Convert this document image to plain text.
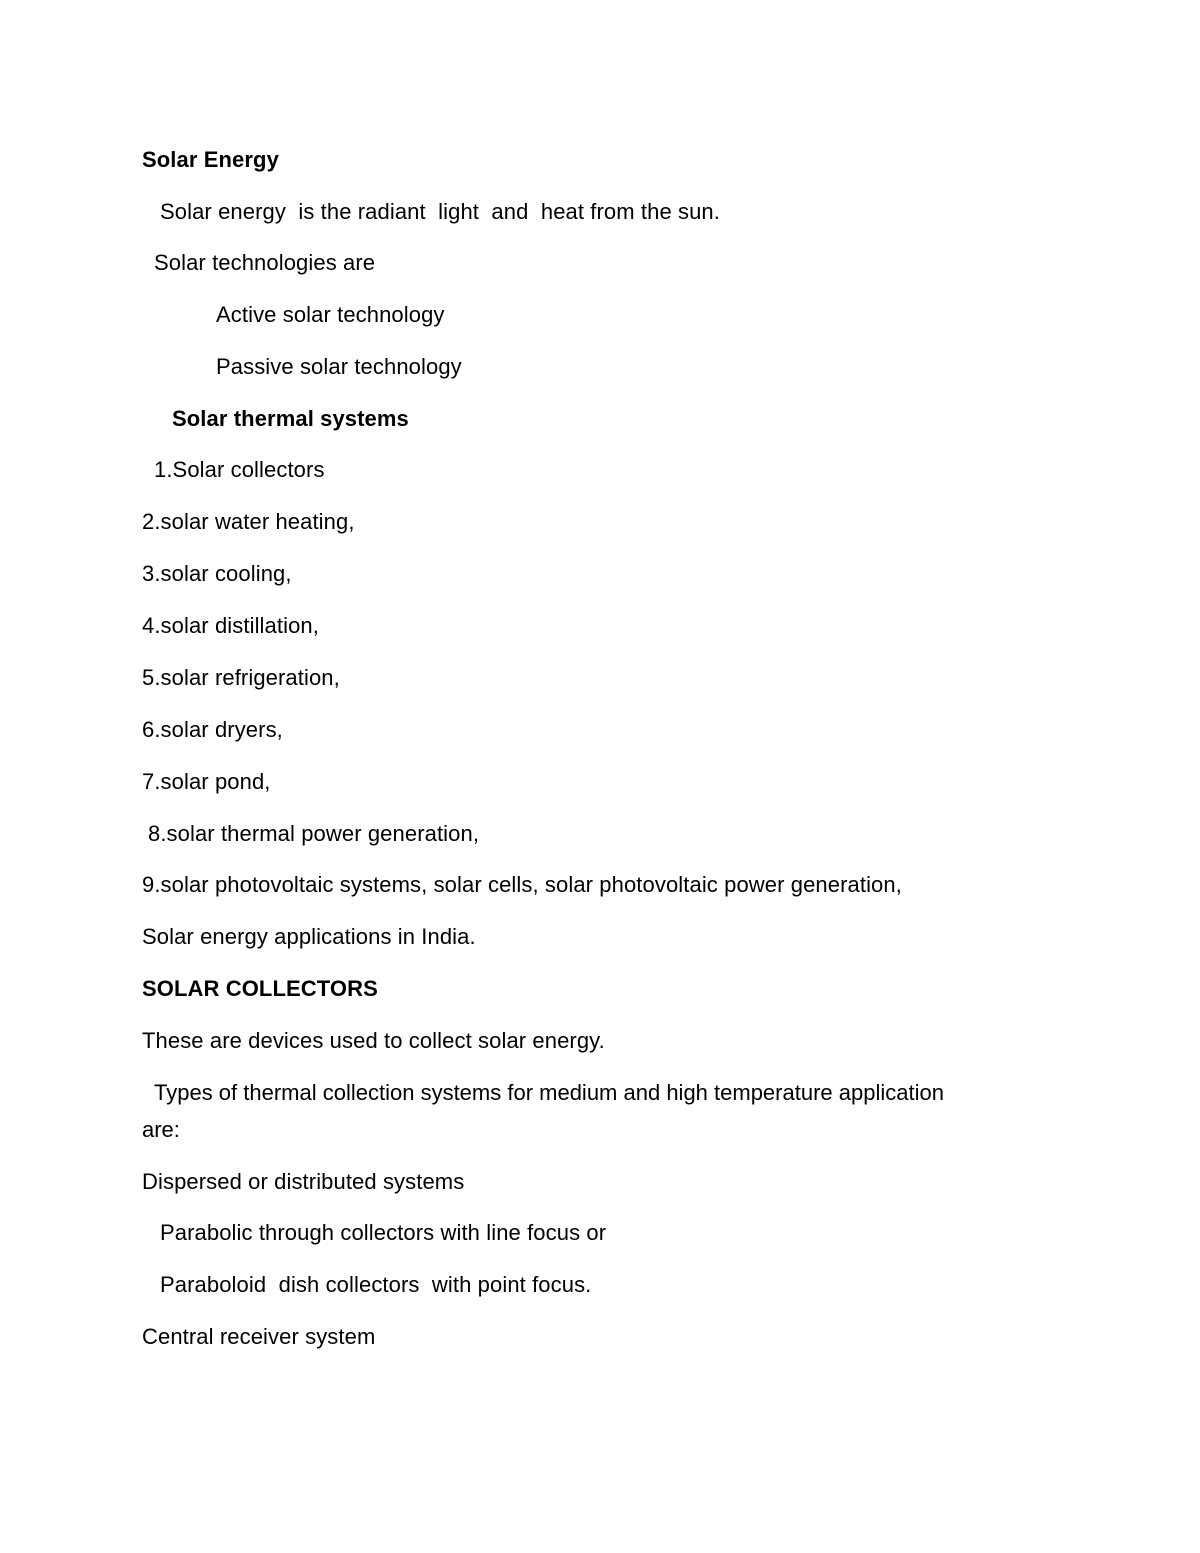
Solar Energy
Solar energy  is the radiant  light  and  heat from the sun.
Solar technologies are
Active solar technology
Passive solar technology
Solar thermal systems
1.Solar collectors
2.solar water heating,
3.solar cooling,
4.solar distillation,
5.solar refrigeration,
6.solar dryers,
7.solar pond,
8.solar thermal power generation,
9.solar photovoltaic systems, solar cells, solar photovoltaic power generation,
Solar energy applications in India.
SOLAR COLLECTORS
These are devices used to collect solar energy.
Types of thermal collection systems for medium and high temperature application are:
Dispersed or distributed systems
Parabolic through collectors with line focus or
Paraboloid  dish collectors  with point focus.
Central receiver system
